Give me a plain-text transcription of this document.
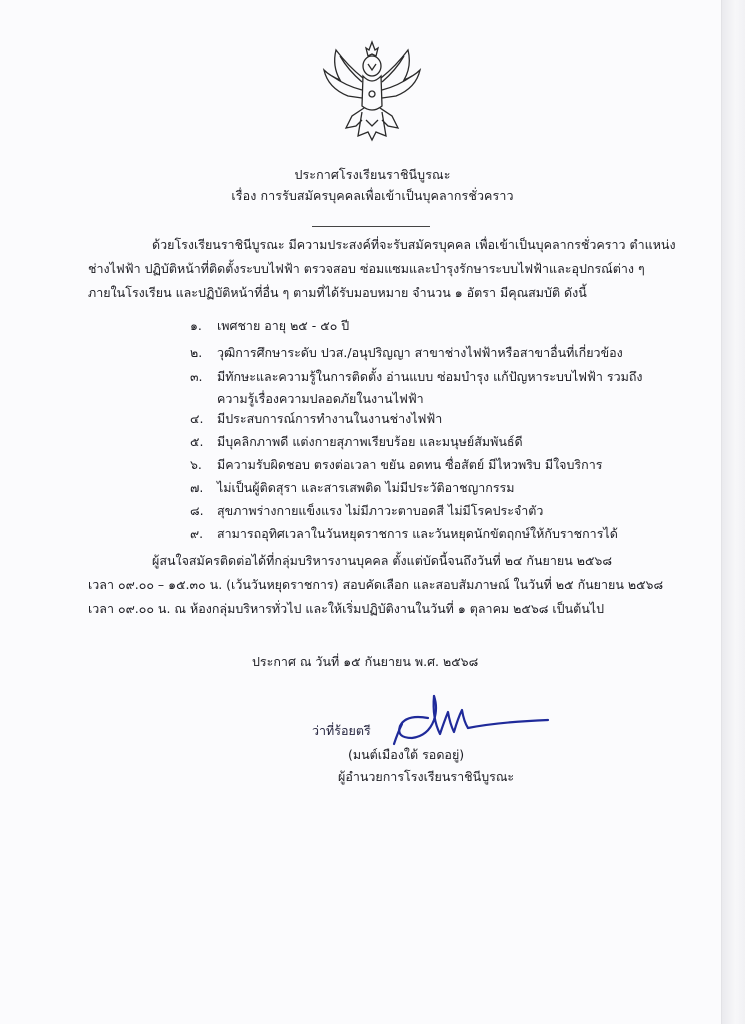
ประกาศโรงเรียนราชินีบูรณะ
เรื่อง การรับสมัครบุคคลเพื่อเข้าเป็นบุคลากรชั่วคราว
ด้วยโรงเรียนราชินีบูรณะ มีความประสงค์ที่จะรับสมัครบุคคล เพื่อเข้าเป็นบุคลากรชั่วคราว ตำแหน่ง
ช่างไฟฟ้า ปฏิบัติหน้าที่ติดตั้งระบบไฟฟ้า ตรวจสอบ ซ่อมแซมและบำรุงรักษาระบบไฟฟ้าและอุปกรณ์ต่าง ๆ
ภายในโรงเรียน และปฏิบัติหน้าที่อื่น ๆ ตามที่ได้รับมอบหมาย จำนวน ๑ อัตรา มีคุณสมบัติ ดังนี้
๑. เพศชาย อายุ ๒๕ - ๕๐ ปี
๒. วุฒิการศึกษาระดับ ปวส./อนุปริญญา สาขาช่างไฟฟ้าหรือสาขาอื่นที่เกี่ยวข้อง
๓. มีทักษะและความรู้ในการติดตั้ง อ่านแบบ ซ่อมบำรุง แก้ปัญหาระบบไฟฟ้า รวมถึง
ความรู้เรื่องความปลอดภัยในงานไฟฟ้า
๔. มีประสบการณ์การทำงานในงานช่างไฟฟ้า
๕. มีบุคลิกภาพดี แต่งกายสุภาพเรียบร้อย และมนุษย์สัมพันธ์ดี
๖. มีความรับผิดชอบ ตรงต่อเวลา ขยัน อดทน ซื่อสัตย์ มีไหวพริบ มีใจบริการ
๗. ไม่เป็นผู้ติดสุรา และสารเสพติด ไม่มีประวัติอาชญากรรม
๘. สุขภาพร่างกายแข็งแรง ไม่มีภาวะตาบอดสี ไม่มีโรคประจำตัว
๙. สามารถอุทิศเวลาในวันหยุดราชการ และวันหยุดนักขัตฤกษ์ให้กับราชการได้
ผู้สนใจสมัครติดต่อได้ที่กลุ่มบริหารงานบุคคล ตั้งแต่บัดนี้จนถึงวันที่ ๒๔ กันยายน ๒๕๖๘
เวลา ๐๙.๐๐ – ๑๕.๓๐ น. (เว้นวันหยุดราชการ) สอบคัดเลือก และสอบสัมภาษณ์ ในวันที่ ๒๕ กันยายน ๒๕๖๘
เวลา ๐๙.๐๐ น. ณ ห้องกลุ่มบริหารทั่วไป และให้เริ่มปฏิบัติงานในวันที่ ๑ ตุลาคม ๒๕๖๘ เป็นต้นไป
ประกาศ ณ วันที่ ๑๕ กันยายน พ.ศ. ๒๕๖๘
ว่าที่ร้อยตรี
(มนต์เมืองใต้ รอดอยู่)
ผู้อำนวยการโรงเรียนราชินีบูรณะ
